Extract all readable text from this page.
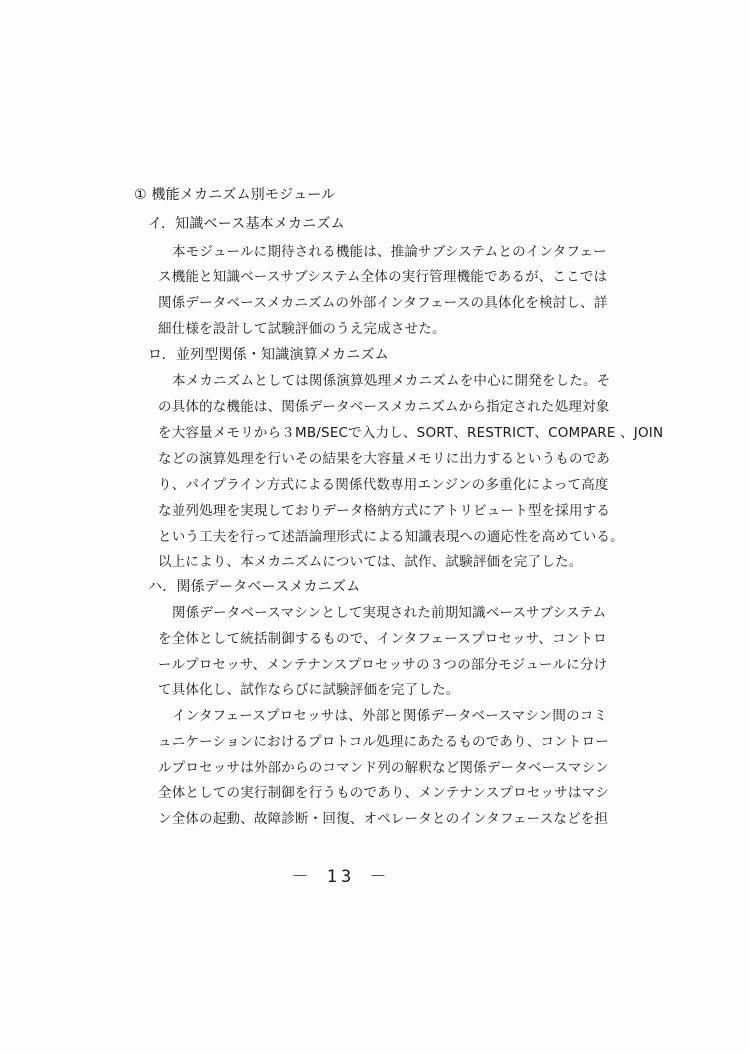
① 機能メカニズム別モジュール
イ．知識ベース基本メカニズム
本モジュールに期待される機能は、推論サブシステムとのインタフェー
ス機能と知識ベースサブシステム全体の実行管理機能であるが、ここでは
関係データベースメカニズムの外部インタフェースの具体化を検討し、詳
細仕様を設計して試験評価のうえ完成させた。
ロ．並列型関係・知識演算メカニズム
本メカニズムとしては関係演算処理メカニズムを中心に開発をした。そ
の具体的な機能は、関係データベースメカニズムから指定された処理対象
を大容量メモリから３MB/SECで入力し、SORT、RESTRICT、COMPARE 、JOIN
などの演算処理を行いその結果を大容量メモリに出力するというものであ
り、パイプライン方式による関係代数専用エンジンの多重化によって高度
な並列処理を実現しておりデータ格納方式にアトリビュート型を採用する
という工夫を行って述語論理形式による知識表現への適応性を高めている。
以上により、本メカニズムについては、試作、試験評価を完了した。
ハ．関係データベースメカニズム
関係データベースマシンとして実現された前期知識ベースサブシステム
を全体として統括制御するもので、インタフェースプロセッサ、コントロ
ールプロセッサ、メンテナンスプロセッサの３つの部分モジュールに分け
て具体化し、試作ならびに試験評価を完了した。
インタフェースプロセッサは、外部と関係データベースマシン間のコミ
ュニケーションにおけるプロトコル処理にあたるものであり、コントロー
ルプロセッサは外部からのコマンド列の解釈など関係データベースマシン
全体としての実行制御を行うものであり、メンテナンスプロセッサはマシ
ン全体の起動、故障診断・回復、オペレータとのインタフェースなどを担
－ 13 －
